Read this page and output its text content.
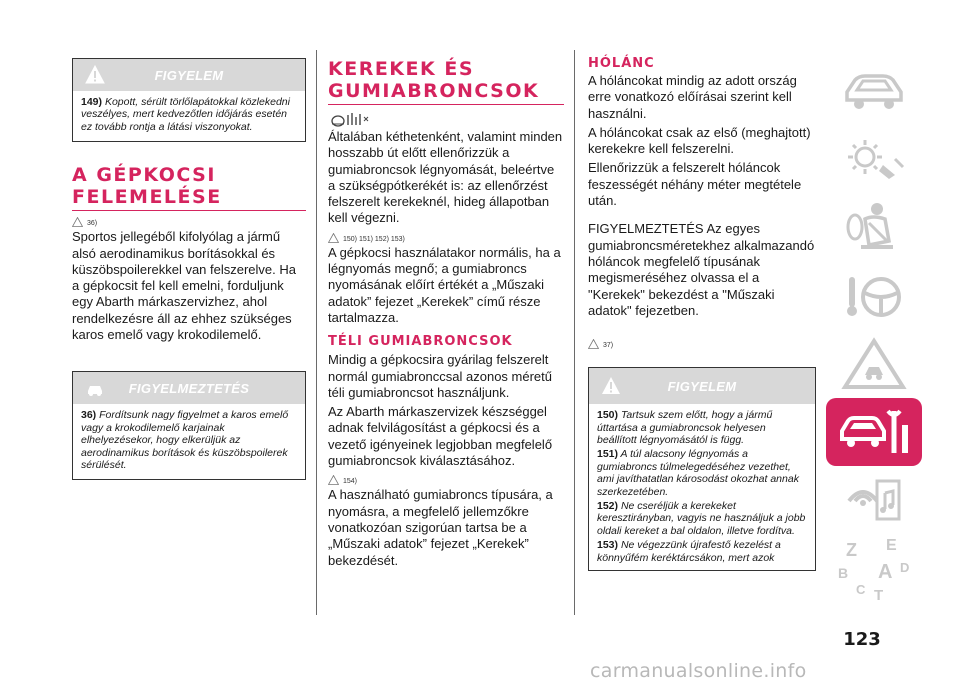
FIGYELEM

149) Kopott, sérült törlőlapátokkal közlekedni veszélyes, mert kedvezőtlen időjárás esetén ez tovább rontja a látási viszonyokat.

A GÉPKOCSI
FELEMELÉSE
36)

Sportos jellegéből kifolyólag a jármű alsó aerodinamikus borításokkal és küszöbspoilerekkel van felszerelve. Ha a gépkocsit fel kell emelni, forduljunk egy Abarth márkaszervizhez, ahol rendelkezésre áll az ehhez szükséges karos emelő vagy krokodilemelő.

FIGYELMEZTETÉS

36) Fordítsunk nagy figyelmet a karos emelő vagy a krokodilemelő karjainak elhelyezésekor, hogy elkerüljük az aerodinamikus borítások és küszöbspoilerek sérülését.

KEREKEK ÉS
GUMIABRONCSOK

Általában kéthetenként, valamint minden hosszabb út előtt ellenőrizzük a gumiabroncsok légnyomását, beleértve a szükségpótkerékét is: az ellenőrzést felszerelt kerekeknél, hideg állapotban kell végezni.

150) 151) 152) 153)

A gépkocsi használatakor normális, ha a légnyomás megnő; a gumiabroncs nyomásának előírt értékét a „Műszaki adatok” fejezet „Kerekek” című része tartalmazza.

TÉLI GUMIABRONCSOK

Mindig a gépkocsira gyárilag felszerelt normál gumiabronccsal azonos méretű téli gumiabroncsot használjunk.

Az Abarth márkaszervizek készséggel adnak felvilágosítást a gépkocsi és a vezető igényeinek legjobban megfelelő gumiabroncsok kiválasztásához.

154)

A használható gumiabroncs típusára, a nyomásra, a megfelelő jellemzőkre vonatkozóan szigorúan tartsa be a „Műszaki adatok” fejezet „Kerekek” bekezdését.

HÓLÁNC

A hóláncokat mindig az adott ország erre vonatkozó előírásai szerint kell használni.

A hóláncokat csak az első (meghajtott) kerekekre kell felszerelni.

Ellenőrizzük a felszerelt hóláncok feszességét néhány méter megtétele után.

FIGYELMEZTETÉS Az egyes gumiabroncsméretekhez alkalmazandó hóláncok megfelelő típusának megismeréséhez olvassa el a "Kerekek" bekezdést a "Műszaki adatok" fejezetben.

37)
FIGYELEM

150) Tartsuk szem előtt, hogy a jármű úttartása a gumiabroncsok helyesen beállított légnyomásától is függ.

151) A túl alacsony légnyomás a gumiabroncs túlmelegedéséhez vezethet, ami javíthatatlan károsodást okozhat annak szerkezetében.

152) Ne cseréljük a kerekeket keresztirányban, vagyis ne használjuk a jobb oldali kereket a bal oldalon, illetve fordítva.

153) Ne végezzünk újrafestő kezelést a könnyűfém keréktárcsákon, mert azok	Z E
B A D
C T
123
carmanualsonline.info
